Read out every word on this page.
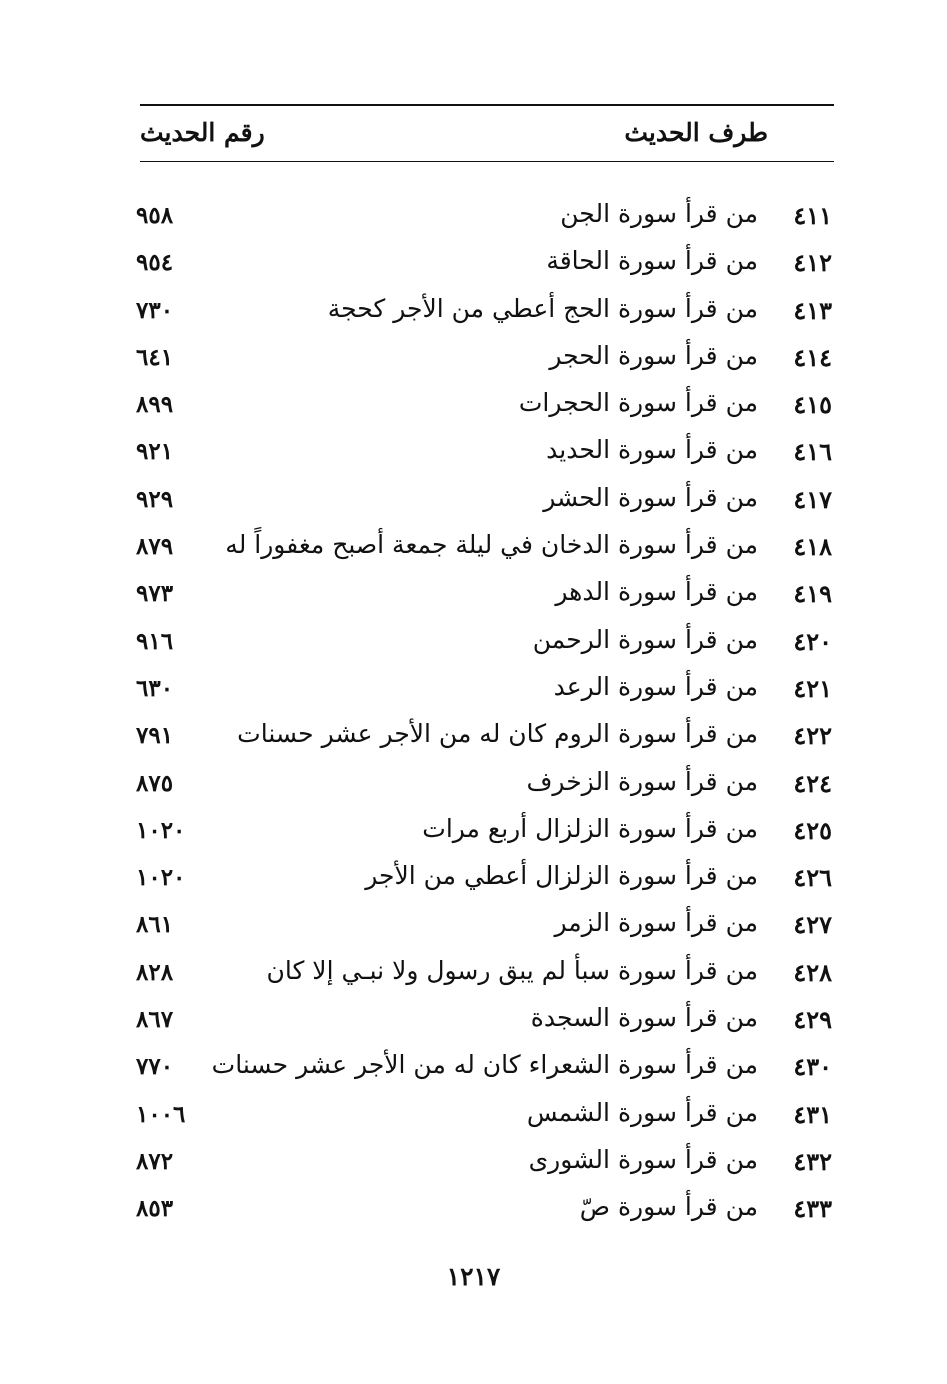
طرف الحديث
رقم الحديث
٤١١
من قرأ سورة الجن
٩٥٨
٤١٢
من قرأ سورة الحاقة
٩٥٤
٤١٣
من قرأ سورة الحج أعطي من الأجر كحجة
٧٣٠
٤١٤
من قرأ سورة الحجر
٦٤١
٤١٥
من قرأ سورة الحجرات
٨٩٩
٤١٦
من قرأ سورة الحديد
٩٢١
٤١٧
من قرأ سورة الحشر
٩٢٩
٤١٨
من قرأ سورة الدخان في ليلة جمعة أصبح مغفوراً له
٨٧٩
٤١٩
من قرأ سورة الدهر
٩٧٣
٤٢٠
من قرأ سورة الرحمن
٩١٦
٤٢١
من قرأ سورة الرعد
٦٣٠
٤٢٢
من قرأ سورة الروم كان له من الأجر عشر حسنات
٧٩١
٤٢٤
من قرأ سورة الزخرف
٨٧٥
٤٢٥
من قرأ سورة الزلزال أربع مرات
١٠٢٠
٤٢٦
من قرأ سورة الزلزال أعطي من الأجر
١٠٢٠
٤٢٧
من قرأ سورة الزمر
٨٦١
٤٢٨
من قرأ سورة سبأ لم يبق رسول ولا نبـي إلا كان
٨٢٨
٤٢٩
من قرأ سورة السجدة
٨٦٧
٤٣٠
من قرأ سورة الشعراء كان له من الأجر عشر حسنات
٧٧٠
٤٣١
من قرأ سورة الشمس
١٠٠٦
٤٣٢
من قرأ سورة الشورى
٨٧٢
٤٣٣
من قرأ سورة صّ
٨٥٣
١٢١٧
